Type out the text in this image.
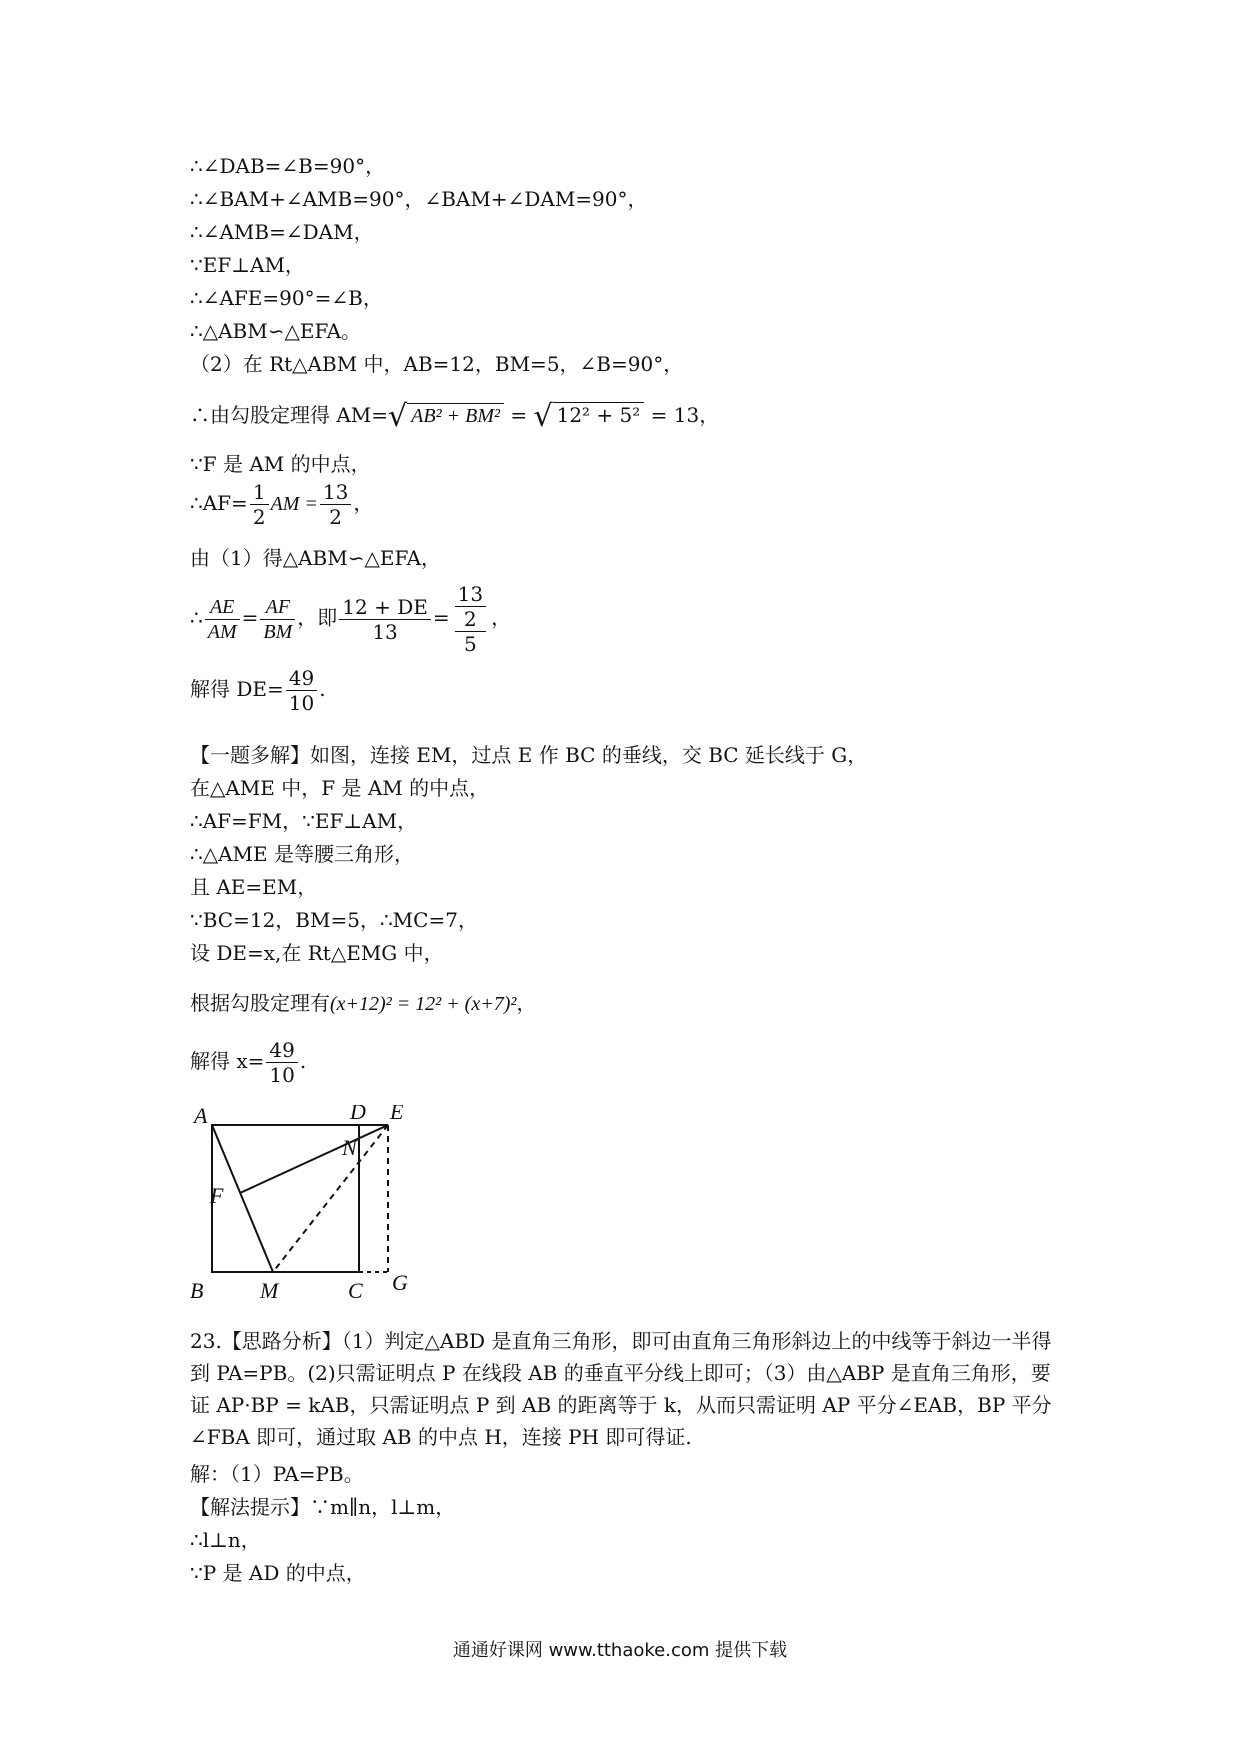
∴∠DAB=∠B=90°，
∴∠BAM+∠AMB=90°，∠BAM+∠DAM=90°，
∴∠AMB=∠DAM，
∵EF⊥AM，
∴∠AFE=90°=∠B，
∴△ABM∽△EFA。
（2）在 Rt△ABM 中，AB=12，BM=5，∠B=90°，
∴由勾股定理得 AM=√ AB² + BM² = √ 12² + 5² = 13，
∵F 是 AM 的中点，
∴AF= $\frac{1}{2}$ AM = $\frac{13}{2}$ ，
由（1）得△ABM∽△EFA，
∴ $\frac{AE}{AM} = \frac{AF}{BM}$ ，即 $\frac{12 + DE}{13}$ =
13
2
5
，
解得 $DE= \frac{49}{10}$ .
【一题多解】如图，连接 EM，过点 E 作 BC 的垂线，交 BC 延长线于 G，
在△AME 中，F 是 AM 的中点，
∴AF=FM，∵EF⊥AM，
∴△AME 是等腰三角形，
且 AE=EM，
∵BC=12，BM=5，∴MC=7，
设 DE=x,在 Rt△EMG 中，
根据勾股定理有(x+12)² = 12² + (x+7)²，
解得 $x= \frac{49}{10}$ .
A	D E
N
F
B	M	C G
23.【思路分析】（1）判定△ABD 是直角三角形，即可由直角三角形斜边上的中线等于斜边一半得到 PA=PB。(2)只需证明点 P 在线段 AB 的垂直平分线上即可；（3）由△ABP 是直角三角形，要证 AP·BP = kAB，只需证明点 P 到 AB 的距离等于 k，从而只需证明 AP 平分∠EAB，BP 平分∠FBA 即可，通过取 AB 的中点 H，连接 PH 即可得证.
解：（1）PA=PB。
【解法提示】∵m∥n，l⊥m，
∴l⊥n，
∵P 是 AD 的中点，
通通好课网 www.tthaoke.com 提供下载
